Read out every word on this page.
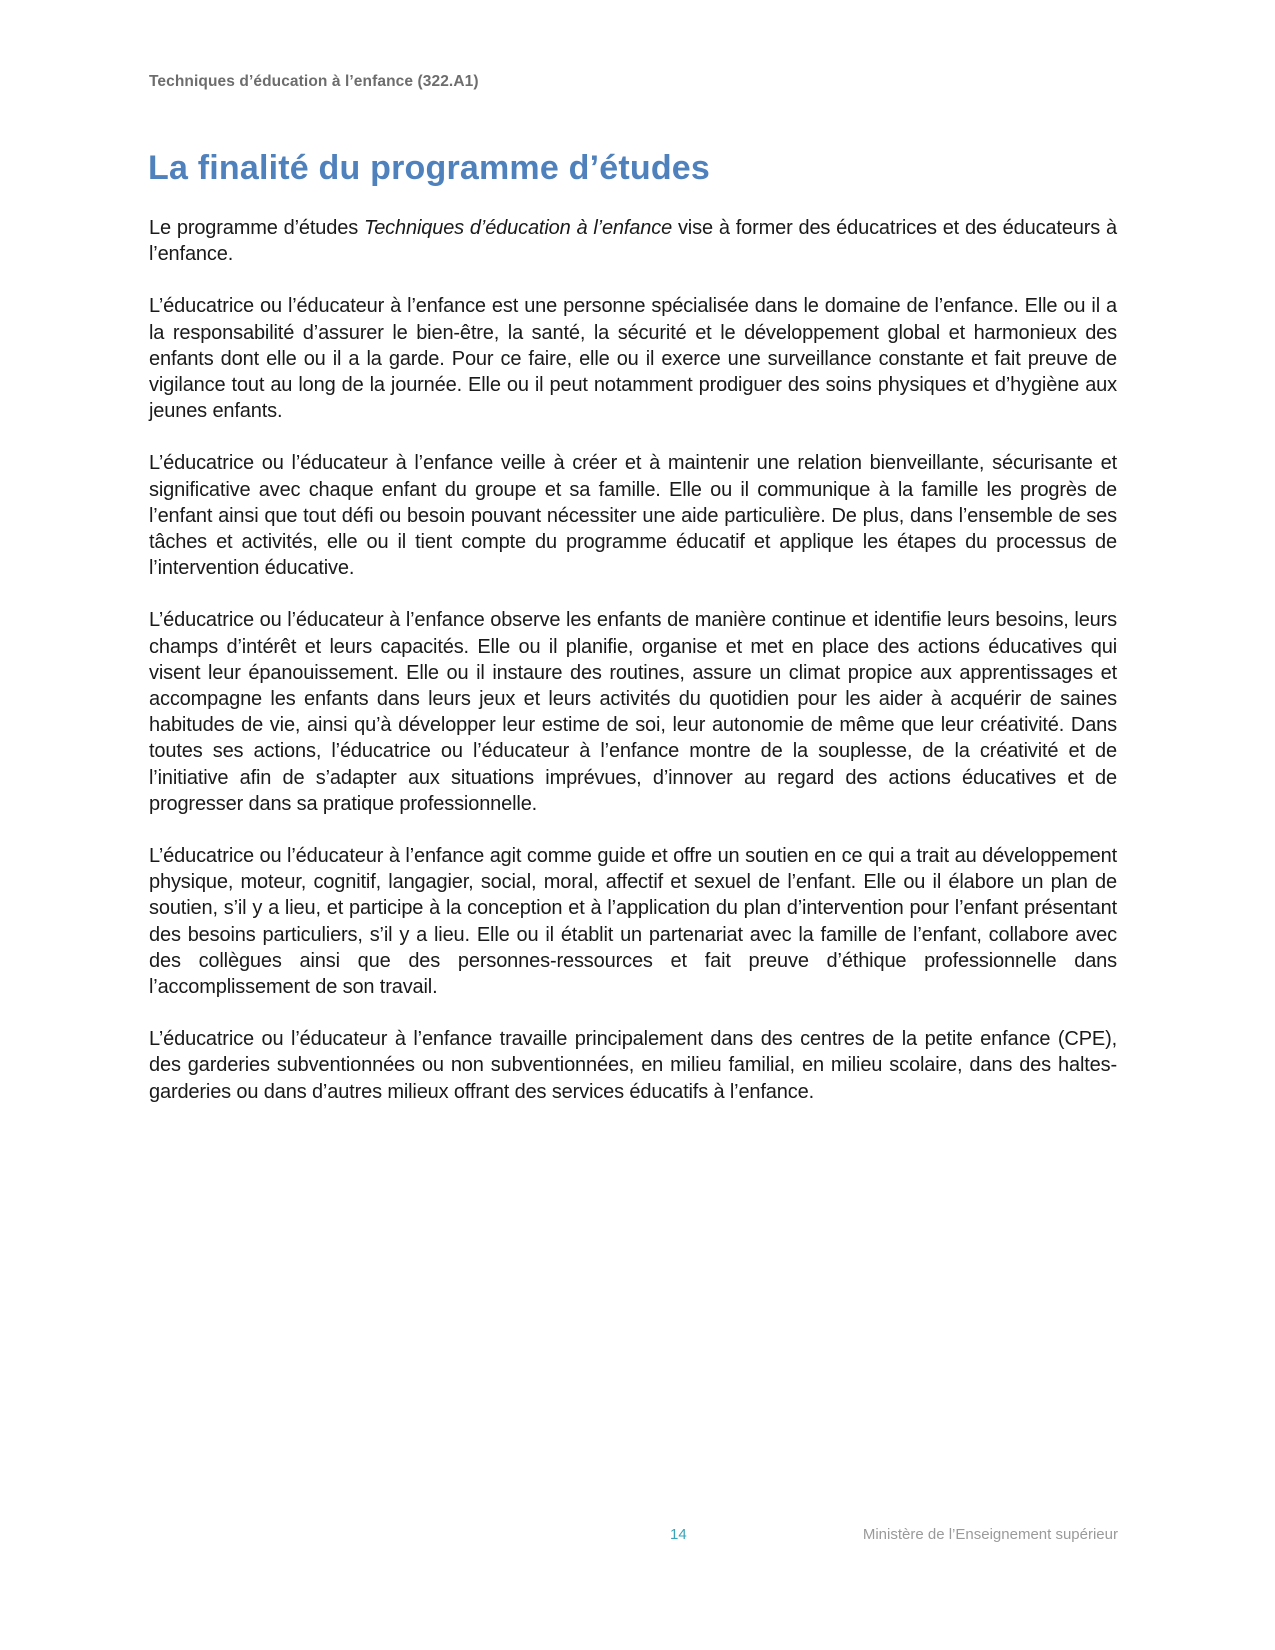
Techniques d’éducation à l’enfance (322.A1)
La finalité du programme d’études

Le programme d’études Techniques d’éducation à l’enfance vise à former des éducatrices et des éducateurs à l’enfance.

L’éducatrice ou l’éducateur à l’enfance est une personne spécialisée dans le domaine de l’enfance. Elle ou il a la responsabilité d’assurer le bien-être, la santé, la sécurité et le développement global et harmonieux des enfants dont elle ou il a la garde. Pour ce faire, elle ou il exerce une surveillance constante et fait preuve de vigilance tout au long de la journée. Elle ou il peut notamment prodiguer des soins physiques et d’hygiène aux jeunes enfants.

L’éducatrice ou l’éducateur à l’enfance veille à créer et à maintenir une relation bienveillante, sécurisante et significative avec chaque enfant du groupe et sa famille. Elle ou il communique à la famille les progrès de l’enfant ainsi que tout défi ou besoin pouvant nécessiter une aide particulière. De plus, dans l’ensemble de ses tâches et activités, elle ou il tient compte du programme éducatif et applique les étapes du processus de l’intervention éducative.

L’éducatrice ou l’éducateur à l’enfance observe les enfants de manière continue et identifie leurs besoins, leurs champs d’intérêt et leurs capacités. Elle ou il planifie, organise et met en place des actions éducatives qui visent leur épanouissement. Elle ou il instaure des routines, assure un climat propice aux apprentissages et accompagne les enfants dans leurs jeux et leurs activités du quotidien pour les aider à acquérir de saines habitudes de vie, ainsi qu’à développer leur estime de soi, leur autonomie de même que leur créativité. Dans toutes ses actions, l’éducatrice ou l’éducateur à l’enfance montre de la souplesse, de la créativité et de l’initiative afin de s’adapter aux situations imprévues, d’innover au regard des actions éducatives et de progresser dans sa pratique professionnelle.

L’éducatrice ou l’éducateur à l’enfance agit comme guide et offre un soutien en ce qui a trait au développement physique, moteur, cognitif, langagier, social, moral, affectif et sexuel de l’enfant. Elle ou il élabore un plan de soutien, s’il y a lieu, et participe à la conception et à l’application du plan d’intervention pour l’enfant présentant des besoins particuliers, s’il y a lieu. Elle ou il établit un partenariat avec la famille de l’enfant, collabore avec des collègues ainsi que des personnes-ressources et fait preuve d’éthique professionnelle dans l’accomplissement de son travail.

L’éducatrice ou l’éducateur à l’enfance travaille principalement dans des centres de la petite enfance (CPE), des garderies subventionnées ou non subventionnées, en milieu familial, en milieu scolaire, dans des haltes-garderies ou dans d’autres milieux offrant des services éducatifs à l’enfance.

14	Ministère de l’Enseignement supérieur
